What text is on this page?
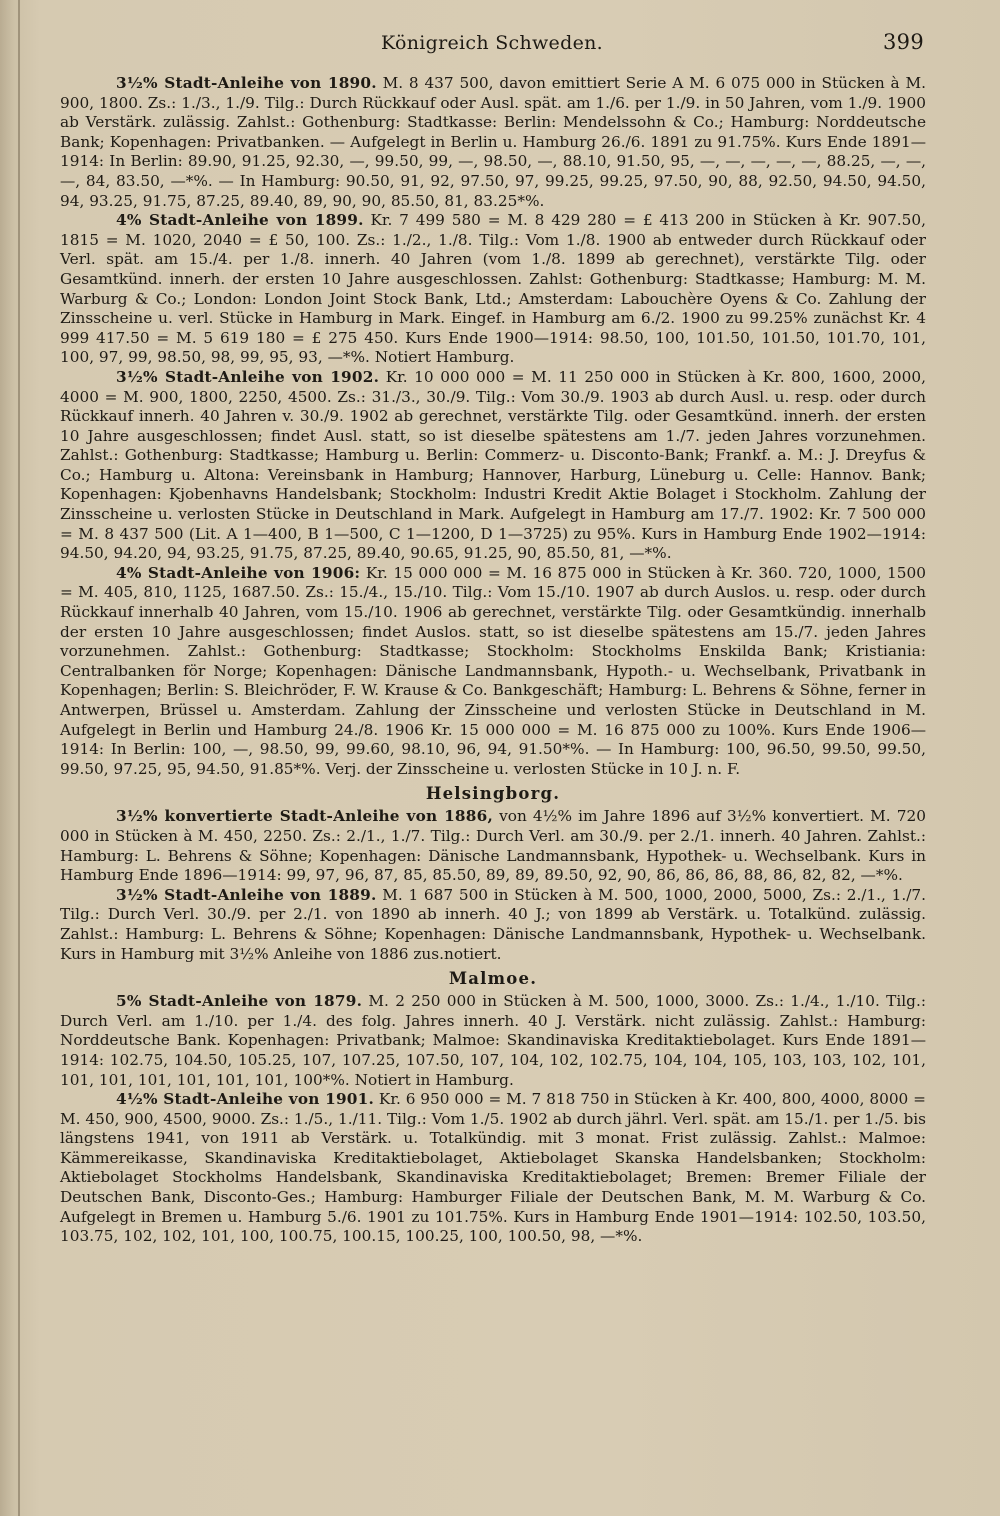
Königreich Schweden.	399

3½% Stadt-Anleihe von 1890. M. 8 437 500, davon emittiert Serie A M. 6 075 000 in Stücken à M. 900, 1800. Zs.: 1./3., 1./9. Tilg.: Durch Rückkauf oder Ausl. spät. am 1./6. per 1./9. in 50 Jahren, vom 1./9. 1900 ab Verstärk. zulässig. Zahlst.: Gothenburg: Stadtkasse: Berlin: Mendelssohn & Co.; Hamburg: Norddeutsche Bank; Kopenhagen: Privatbanken. — Aufgelegt in Berlin u. Hamburg 26./6. 1891 zu 91.75%. Kurs Ende 1891—1914: In Berlin: 89.90, 91.25, 92.30, —, 99.50, 99, —, 98.50, —, 88.10, 91.50, 95, —, —, —, —, —, 88.25, —, —, —, 84, 83.50, —*%. — In Hamburg: 90.50, 91, 92, 97.50, 97, 99.25, 99.25, 97.50, 90, 88, 92.50, 94.50, 94.50, 94, 93.25, 91.75, 87.25, 89.40, 89, 90, 90, 85.50, 81, 83.25*%.

4% Stadt-Anleihe von 1899. Kr. 7 499 580 = M. 8 429 280 = £ 413 200 in Stücken à Kr. 907.50, 1815 = M. 1020, 2040 = £ 50, 100. Zs.: 1./2., 1./8. Tilg.: Vom 1./8. 1900 ab entweder durch Rückkauf oder Verl. spät. am 15./4. per 1./8. innerh. 40 Jahren (vom 1./8. 1899 ab gerechnet), verstärkte Tilg. oder Gesamtkünd. innerh. der ersten 10 Jahre ausgeschlossen. Zahlst: Gothenburg: Stadtkasse; Hamburg: M. M. Warburg & Co.; London: London Joint Stock Bank, Ltd.; Amsterdam: Labouchère Oyens & Co. Zahlung der Zinsscheine u. verl. Stücke in Hamburg in Mark. Eingef. in Hamburg am 6./2. 1900 zu 99.25% zunächst Kr. 4 999 417.50 = M. 5 619 180 = £ 275 450. Kurs Ende 1900—1914: 98.50, 100, 101.50, 101.50, 101.70, 101, 100, 97, 99, 98.50, 98, 99, 95, 93, —*%. Notiert Hamburg.

3½% Stadt-Anleihe von 1902. Kr. 10 000 000 = M. 11 250 000 in Stücken à Kr. 800, 1600, 2000, 4000 = M. 900, 1800, 2250, 4500. Zs.: 31./3., 30./9. Tilg.: Vom 30./9. 1903 ab durch Ausl. u. resp. oder durch Rückkauf innerh. 40 Jahren v. 30./9. 1902 ab gerechnet, verstärkte Tilg. oder Gesamtkünd. innerh. der ersten 10 Jahre ausgeschlossen; findet Ausl. statt, so ist dieselbe spätestens am 1./7. jeden Jahres vorzunehmen. Zahlst.: Gothenburg: Stadtkasse; Hamburg u. Berlin: Commerz- u. Disconto-Bank; Frankf. a. M.: J. Dreyfus & Co.; Hamburg u. Altona: Vereinsbank in Hamburg; Hannover, Harburg, Lüneburg u. Celle: Hannov. Bank; Kopenhagen: Kjobenhavns Handelsbank; Stockholm: Industri Kredit Aktie Bolaget i Stockholm. Zahlung der Zinsscheine u. verlosten Stücke in Deutschland in Mark. Aufgelegt in Hamburg am 17./7. 1902: Kr. 7 500 000 = M. 8 437 500 (Lit. A 1—400, B 1—500, C 1—1200, D 1—3725) zu 95%. Kurs in Hamburg Ende 1902—1914: 94.50, 94.20, 94, 93.25, 91.75, 87.25, 89.40, 90.65, 91.25, 90, 85.50, 81, —*%.

4% Stadt-Anleihe von 1906: Kr. 15 000 000 = M. 16 875 000 in Stücken à Kr. 360. 720, 1000, 1500 = M. 405, 810, 1125, 1687.50. Zs.: 15./4., 15./10. Tilg.: Vom 15./10. 1907 ab durch Auslos. u. resp. oder durch Rückkauf innerhalb 40 Jahren, vom 15./10. 1906 ab gerechnet, verstärkte Tilg. oder Gesamtkündig. innerhalb der ersten 10 Jahre ausgeschlossen; findet Auslos. statt, so ist dieselbe spätestens am 15./7. jeden Jahres vorzunehmen. Zahlst.: Gothenburg: Stadtkasse; Stockholm: Stockholms Enskilda Bank; Kristiania: Centralbanken för Norge; Kopenhagen: Dänische Landmannsbank, Hypoth.- u. Wechselbank, Privatbank in Kopenhagen; Berlin: S. Bleichröder, F. W. Krause & Co. Bankgeschäft; Hamburg: L. Behrens & Söhne, ferner in Antwerpen, Brüssel u. Amsterdam. Zahlung der Zinsscheine und verlosten Stücke in Deutschland in M. Aufgelegt in Berlin und Hamburg 24./8. 1906 Kr. 15 000 000 = M. 16 875 000 zu 100%. Kurs Ende 1906—1914: In Berlin: 100, —, 98.50, 99, 99.60, 98.10, 96, 94, 91.50*%. — In Hamburg: 100, 96.50, 99.50, 99.50, 99.50, 97.25, 95, 94.50, 91.85*%. Verj. der Zinsscheine u. verlosten Stücke in 10 J. n. F.

Helsingborg.

3½% konvertierte Stadt-Anleihe von 1886, von 4½% im Jahre 1896 auf 3½% konvertiert. M. 720 000 in Stücken à M. 450, 2250. Zs.: 2./1., 1./7. Tilg.: Durch Verl. am 30./9. per 2./1. innerh. 40 Jahren. Zahlst.: Hamburg: L. Behrens & Söhne; Kopenhagen: Dänische Landmannsbank, Hypothek- u. Wechselbank. Kurs in Hamburg Ende 1896—1914: 99, 97, 96, 87, 85, 85.50, 89, 89, 89.50, 92, 90, 86, 86, 86, 88, 86, 82, 82, —*%.

3½% Stadt-Anleihe von 1889. M. 1 687 500 in Stücken à M. 500, 1000, 2000, 5000, Zs.: 2./1., 1./7. Tilg.: Durch Verl. 30./9. per 2./1. von 1890 ab innerh. 40 J.; von 1899 ab Verstärk. u. Totalkünd. zulässig. Zahlst.: Hamburg: L. Behrens & Söhne; Kopenhagen: Dänische Landmannsbank, Hypothek- u. Wechselbank. Kurs in Hamburg mit 3½% Anleihe von 1886 zus.notiert.

Malmoe.

5% Stadt-Anleihe von 1879. M. 2 250 000 in Stücken à M. 500, 1000, 3000. Zs.: 1./4., 1./10. Tilg.: Durch Verl. am 1./10. per 1./4. des folg. Jahres innerh. 40 J. Verstärk. nicht zulässig. Zahlst.: Hamburg: Norddeutsche Bank. Kopenhagen: Privatbank; Malmoe: Skandinaviska Kreditaktiebolaget. Kurs Ende 1891—1914: 102.75, 104.50, 105.25, 107, 107.25, 107.50, 107, 104, 102, 102.75, 104, 104, 105, 103, 103, 102, 101, 101, 101, 101, 101, 101, 101, 100*%. Notiert in Hamburg.

4½% Stadt-Anleihe von 1901. Kr. 6 950 000 = M. 7 818 750 in Stücken à Kr. 400, 800, 4000, 8000 = M. 450, 900, 4500, 9000. Zs.: 1./5., 1./11. Tilg.: Vom 1./5. 1902 ab durch jährl. Verl. spät. am 15./1. per 1./5. bis längstens 1941, von 1911 ab Verstärk. u. Totalkündig. mit 3 monat. Frist zulässig. Zahlst.: Malmoe: Kämmereikasse, Skandinaviska Kreditaktiebolaget, Aktiebolaget Skanska Handelsbanken; Stockholm: Aktiebolaget Stockholms Handelsbank, Skandinaviska Kreditaktiebolaget; Bremen: Bremer Filiale der Deutschen Bank, Disconto-Ges.; Hamburg: Hamburger Filiale der Deutschen Bank, M. M. Warburg & Co. Aufgelegt in Bremen u. Hamburg 5./6. 1901 zu 101.75%. Kurs in Hamburg Ende 1901—1914: 102.50, 103.50, 103.75, 102, 102, 101, 100, 100.75, 100.15, 100.25, 100, 100.50, 98, —*%.
